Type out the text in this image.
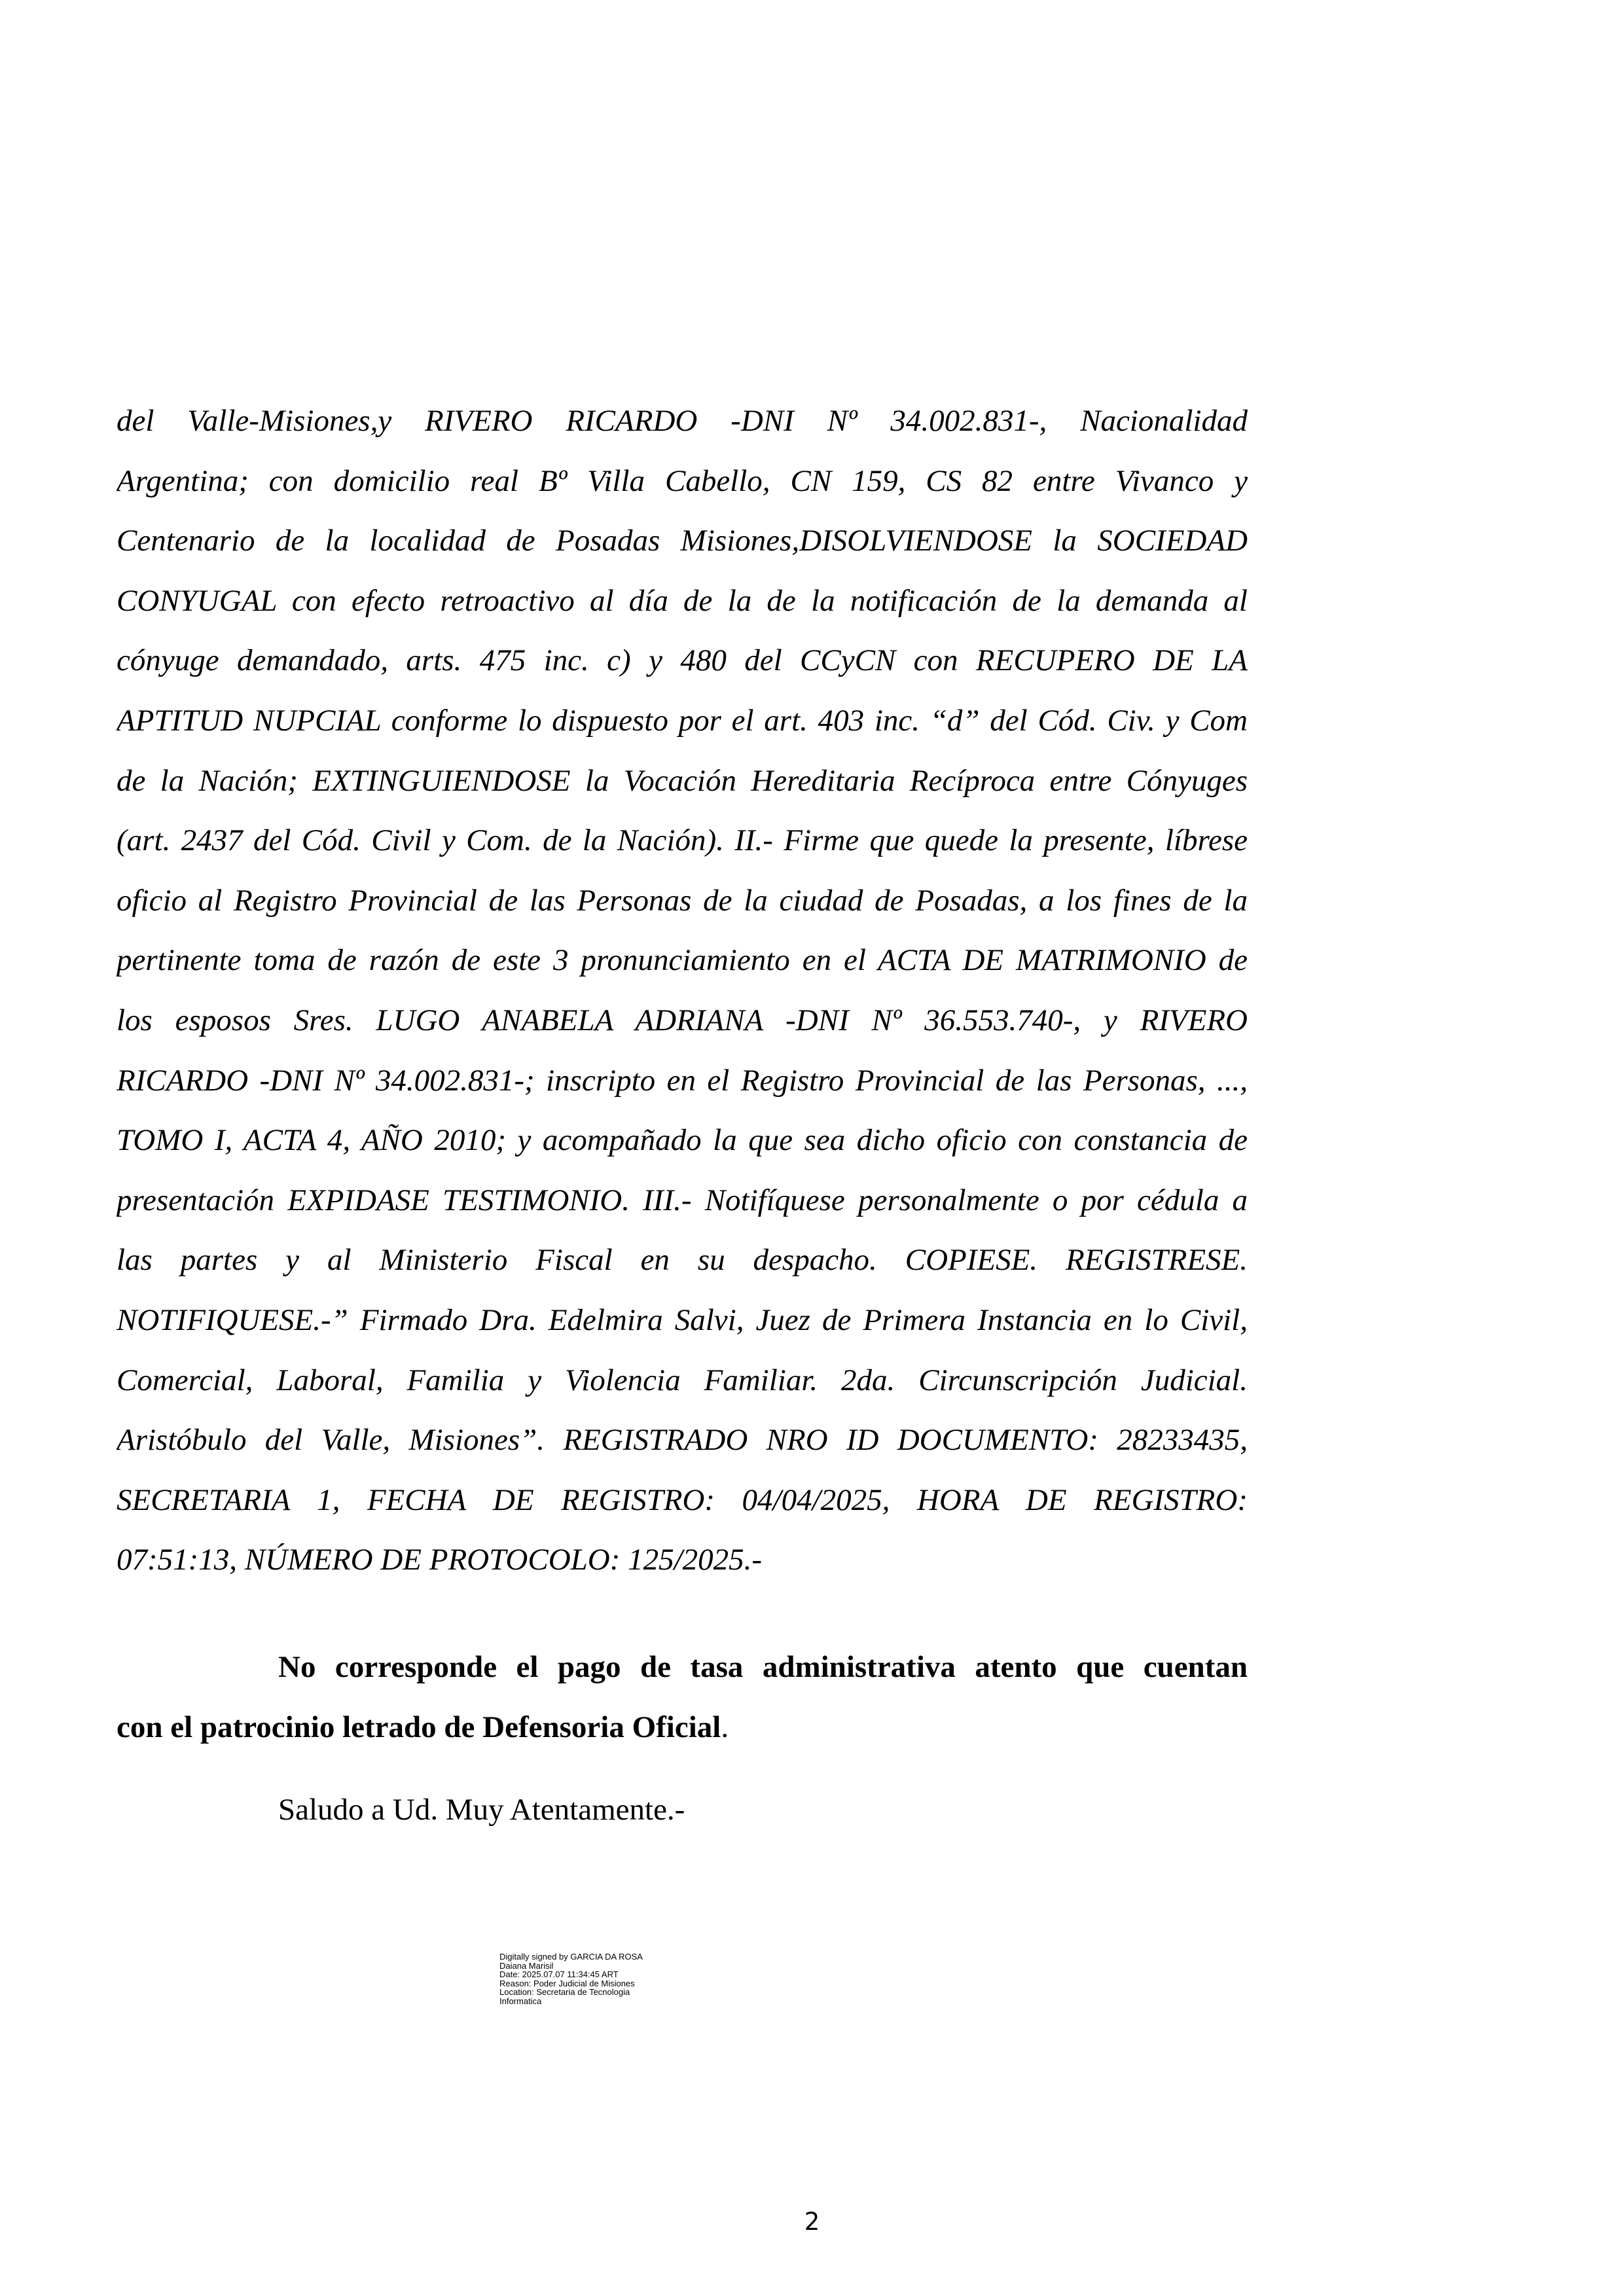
del Valle-Misiones,y RIVERO RICARDO -DNI Nº 34.002.831-, Nacionalidad
Argentina; con domicilio real Bº Villa Cabello, CN 159, CS 82 entre Vivanco y
Centenario de la localidad de Posadas Misiones,DISOLVIENDOSE la SOCIEDAD
CONYUGAL con efecto retroactivo al día de la de la notificación de la demanda al
cónyuge demandado, arts. 475 inc. c) y 480 del CCyCN con RECUPERO DE LA
APTITUD NUPCIAL conforme lo dispuesto por el art. 403 inc. “d” del Cód. Civ. y Com
de la Nación; EXTINGUIENDOSE la Vocación Hereditaria Recíproca entre Cónyuges
(art. 2437 del Cód. Civil y Com. de la Nación). II.- Firme que quede la presente, líbrese
oficio al Registro Provincial de las Personas de la ciudad de Posadas, a los fines de la
pertinente toma de razón de este 3 pronunciamiento en el ACTA DE MATRIMONIO de
los esposos Sres. LUGO ANABELA ADRIANA -DNI Nº 36.553.740-, y RIVERO
RICARDO -DNI Nº 34.002.831-; inscripto en el Registro Provincial de las Personas, ...,
TOMO I, ACTA 4, AÑO 2010; y acompañado la que sea dicho oficio con constancia de
presentación EXPIDASE TESTIMONIO. III.- Notifíquese personalmente o por cédula a
las partes y al Ministerio Fiscal en su despacho. COPIESE. REGISTRESE.
NOTIFIQUESE.-” Firmado Dra. Edelmira Salvi, Juez de Primera Instancia en lo Civil,
Comercial, Laboral, Familia y Violencia Familiar. 2da. Circunscripción Judicial.
Aristóbulo del Valle, Misiones”. REGISTRADO NRO ID DOCUMENTO: 28233435,
SECRETARIA 1, FECHA DE REGISTRO: 04/04/2025, HORA DE REGISTRO:
07:51:13, NÚMERO DE PROTOCOLO: 125/2025.-
No corresponde el pago de tasa administrativa atento que cuentan
con el patrocinio letrado de Defensoria Oficial.
Saludo a Ud. Muy Atentamente.-
Digitally signed by GARCIA DA ROSA
Daiana Marisil
Date: 2025.07.07 11:34:45 ART
Reason: Poder Judicial de Misiones
Location: Secretaria de Tecnologia
Informatica
2
